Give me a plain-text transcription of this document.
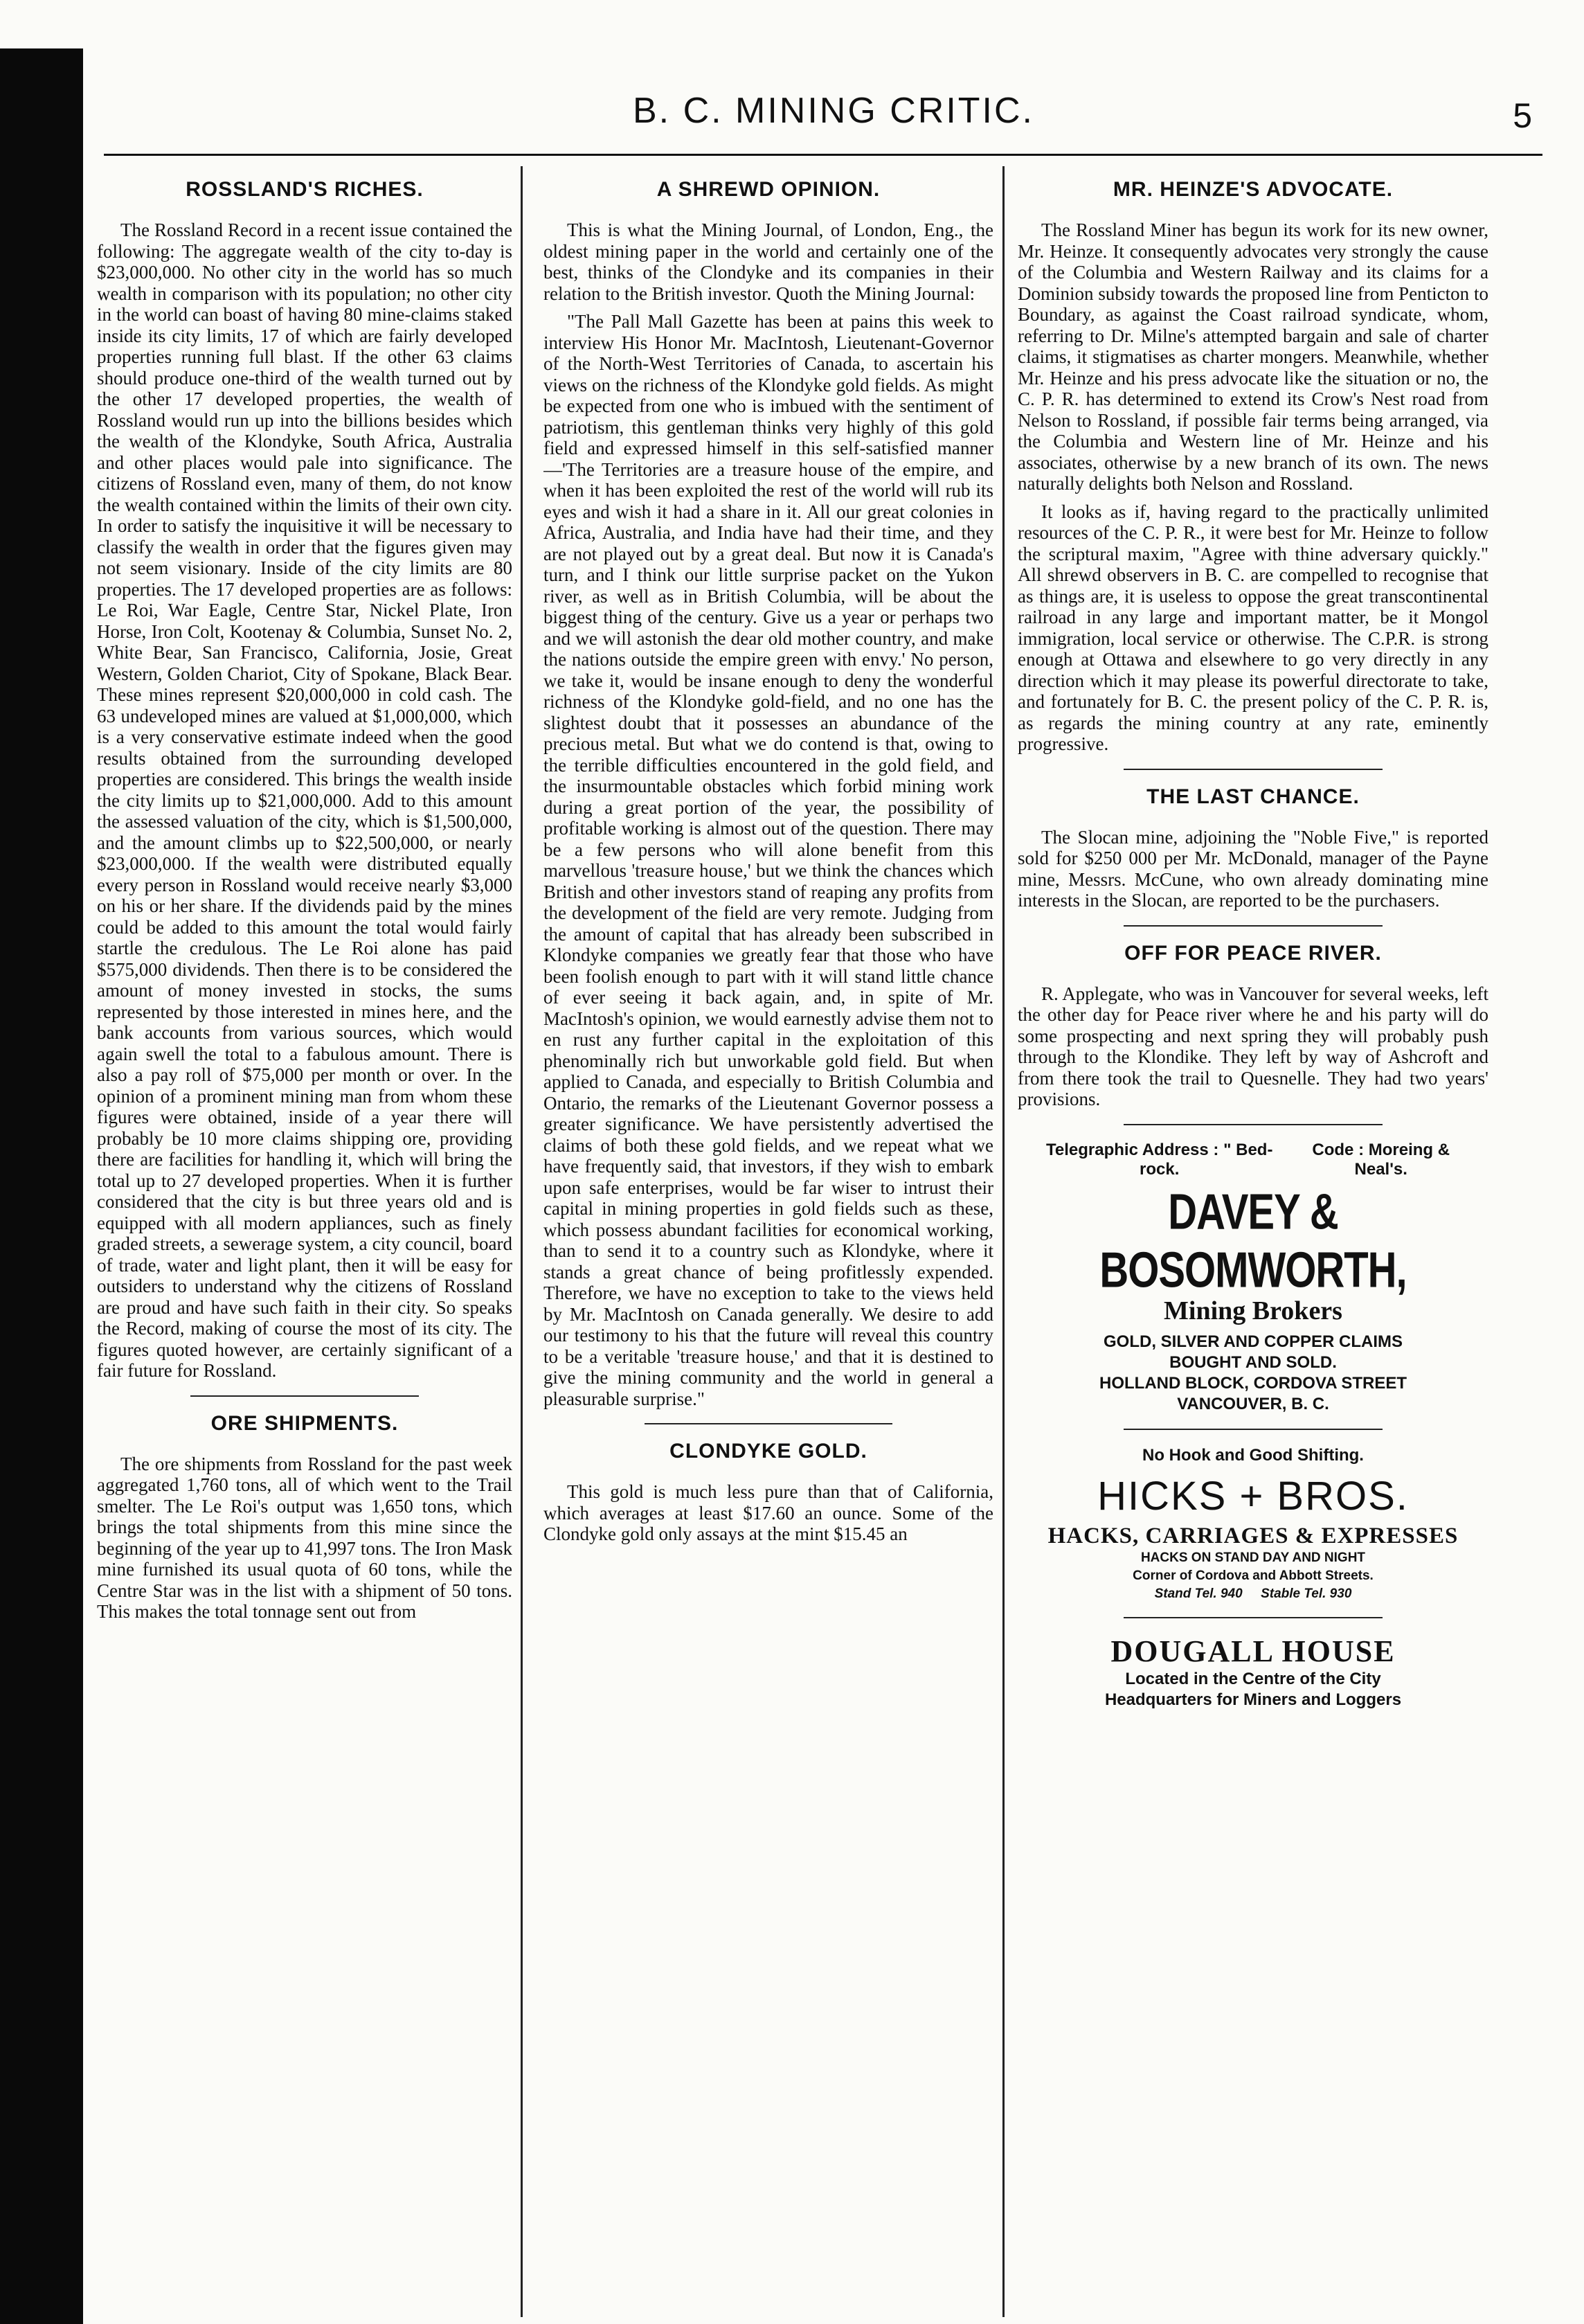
B. C. MINING CRITIC.	5
ROSSLAND'S RICHES.

The Rossland Record in a recent issue contained the following: The aggregate wealth of the city to-day is $23,000,000. No other city in the world has so much wealth in comparison with its population; no other city in the world can boast of having 80 mine-claims staked inside its city limits, 17 of which are fairly developed properties running full blast. If the other 63 claims should produce one-third of the wealth turned out by the other 17 developed properties, the wealth of Rossland would run up into the billions besides which the wealth of the Klondyke, South Africa, Australia and other places would pale into significance. The citizens of Rossland even, many of them, do not know the wealth contained within the limits of their own city. In order to satisfy the inquisitive it will be necessary to classify the wealth in order that the figures given may not seem visionary. Inside of the city limits are 80 properties. The 17 developed properties are as follows: Le Roi, War Eagle, Centre Star, Nickel Plate, Iron Horse, Iron Colt, Kootenay & Columbia, Sunset No. 2, White Bear, San Francisco, California, Josie, Great Western, Golden Chariot, City of Spokane, Black Bear. These mines represent $20,000,000 in cold cash. The 63 undeveloped mines are valued at $1,000,000, which is a very conservative estimate indeed when the good results obtained from the surrounding developed properties are considered. This brings the wealth inside the city limits up to $21,000,000. Add to this amount the assessed valuation of the city, which is $1,500,000, and the amount climbs up to $22,500,000, or nearly $23,000,000. If the wealth were distributed equally every person in Rossland would receive nearly $3,000 on his or her share. If the dividends paid by the mines could be added to this amount the total would fairly startle the credulous. The Le Roi alone has paid $575,000 dividends. Then there is to be considered the amount of money invested in stocks, the sums represented by those interested in mines here, and the bank accounts from various sources, which would again swell the total to a fabulous amount. There is also a pay roll of $75,000 per month or over. In the opinion of a prominent mining man from whom these figures were obtained, inside of a year there will probably be 10 more claims shipping ore, providing there are facilities for handling it, which will bring the total up to 27 developed properties. When it is further considered that the city is but three years old and is equipped with all modern appliances, such as finely graded streets, a sewerage system, a city council, board of trade, water and light plant, then it will be easy for outsiders to understand why the citizens of Rossland are proud and have such faith in their city. So speaks the Record, making of course the most of its city. The figures quoted however, are certainly significant of a fair future for Rossland.

ORE SHIPMENTS.

The ore shipments from Rossland for the past week aggregated 1,760 tons, all of which went to the Trail smelter. The Le Roi's output was 1,650 tons, which brings the total shipments from this mine since the beginning of the year up to 41,997 tons. The Iron Mask mine furnished its usual quota of 60 tons, while the Centre Star was in the list with a shipment of 50 tons. This makes the total tonnage sent out from

A SHREWD OPINION.

This is what the Mining Journal, of London, Eng., the oldest mining paper in the world and certainly one of the best, thinks of the Clondyke and its companies in their relation to the British investor. Quoth the Mining Journal:

"The Pall Mall Gazette has been at pains this week to interview His Honor Mr. MacIntosh, Lieutenant-Governor of the North-West Territories of Canada, to ascertain his views on the richness of the Klondyke gold fields. As might be expected from one who is imbued with the sentiment of patriotism, this gentleman thinks very highly of this gold field and expressed himself in this self-satisfied manner—'The Territories are a treasure house of the empire, and when it has been exploited the rest of the world will rub its eyes and wish it had a share in it. All our great colonies in Africa, Australia, and India have had their time, and they are not played out by a great deal. But now it is Canada's turn, and I think our little surprise packet on the Yukon river, as well as in British Columbia, will be about the biggest thing of the century. Give us a year or perhaps two and we will astonish the dear old mother country, and make the nations outside the empire green with envy.' No person, we take it, would be insane enough to deny the wonderful richness of the Klondyke gold-field, and no one has the slightest doubt that it possesses an abundance of the precious metal. But what we do contend is that, owing to the terrible difficulties encountered in the gold field, and the insurmountable obstacles which forbid mining work during a great portion of the year, the possibility of profitable working is almost out of the question. There may be a few persons who will alone benefit from this marvellous 'treasure house,' but we think the chances which British and other investors stand of reaping any profits from the development of the field are very remote. Judging from the amount of capital that has already been subscribed in Klondyke companies we greatly fear that those who have been foolish enough to part with it will stand little chance of ever seeing it back again, and, in spite of Mr. MacIntosh's opinion, we would earnestly advise them not to en rust any further capital in the exploitation of this phenominally rich but unworkable gold field. But when applied to Canada, and especially to British Columbia and Ontario, the remarks of the Lieutenant Governor possess a greater significance. We have persistently advertised the claims of both these gold fields, and we repeat what we have frequently said, that investors, if they wish to embark upon safe enterprises, would be far wiser to intrust their capital in mining properties in gold fields such as these, which possess abundant facilities for economical working, than to send it to a country such as Klondyke, where it stands a great chance of being profitlessly expended. Therefore, we have no exception to take to the views held by Mr. MacIntosh on Canada generally. We desire to add our testimony to his that the future will reveal this country to be a veritable 'treasure house,' and that it is destined to give the mining community and the world in general a pleasurable surprise."

CLONDYKE GOLD.

This gold is much less pure than that of California, which averages at least $17.60 an ounce. Some of the Clondyke gold only assays at the mint $15.45 an

MR. HEINZE'S ADVOCATE.

The Rossland Miner has begun its work for its new owner, Mr. Heinze. It consequently advocates very strongly the cause of the Columbia and Western Railway and its claims for a Dominion subsidy towards the proposed line from Penticton to Boundary, as against the Coast railroad syndicate, whom, referring to Dr. Milne's attempted bargain and sale of charter claims, it stigmatises as charter mongers. Meanwhile, whether Mr. Heinze and his press advocate like the situation or no, the C. P. R. has determined to extend its Crow's Nest road from Nelson to Rossland, if possible fair terms being arranged, via the Columbia and Western line of Mr. Heinze and his associates, otherwise by a new branch of its own. The news naturally delights both Nelson and Rossland.

It looks as if, having regard to the practically unlimited resources of the C. P. R., it were best for Mr. Heinze to follow the scriptural maxim, "Agree with thine adversary quickly." All shrewd observers in B. C. are compelled to recognise that as things are, it is useless to oppose the great transcontinental railroad in any large and important matter, be it Mongol immigration, local service or otherwise. The C.P.R. is strong enough at Ottawa and elsewhere to go very directly in any direction which it may please its powerful directorate to take, and fortunately for B. C. the present policy of the C. P. R. is, as regards the mining country at any rate, eminently progressive.

THE LAST CHANCE.

The Slocan mine, adjoining the "Noble Five," is reported sold for $250 000 per Mr. McDonald, manager of the Payne mine, Messrs. McCune, who own already dominating mine interests in the Slocan, are reported to be the purchasers.

OFF FOR PEACE RIVER.

R. Applegate, who was in Vancouver for several weeks, left the other day for Peace river where he and his party will do some prospecting and next spring they will probably push through to the Klondike. They left by way of Ashcroft and from there took the trail to Quesnelle. They had two years' provisions.

Telegraphic Address : " Bed-rock.
Code : Moreing & Neal's.
DAVEY & BOSOMWORTH,
Mining Brokers
GOLD, SILVER AND COPPER CLAIMS
BOUGHT AND SOLD.
HOLLAND BLOCK, CORDOVA STREET
VANCOUVER, B. C.
No Hook and Good Shifting.
HICKS + BROS.
HACKS, CARRIAGES & EXPRESSES
HACKS ON STAND DAY AND NIGHT
Corner of Cordova and Abbott Streets.
Stand Tel. 940 Stable Tel. 930
DOUGALL HOUSE
Located in the Centre of the City
Headquarters for Miners and Loggers
